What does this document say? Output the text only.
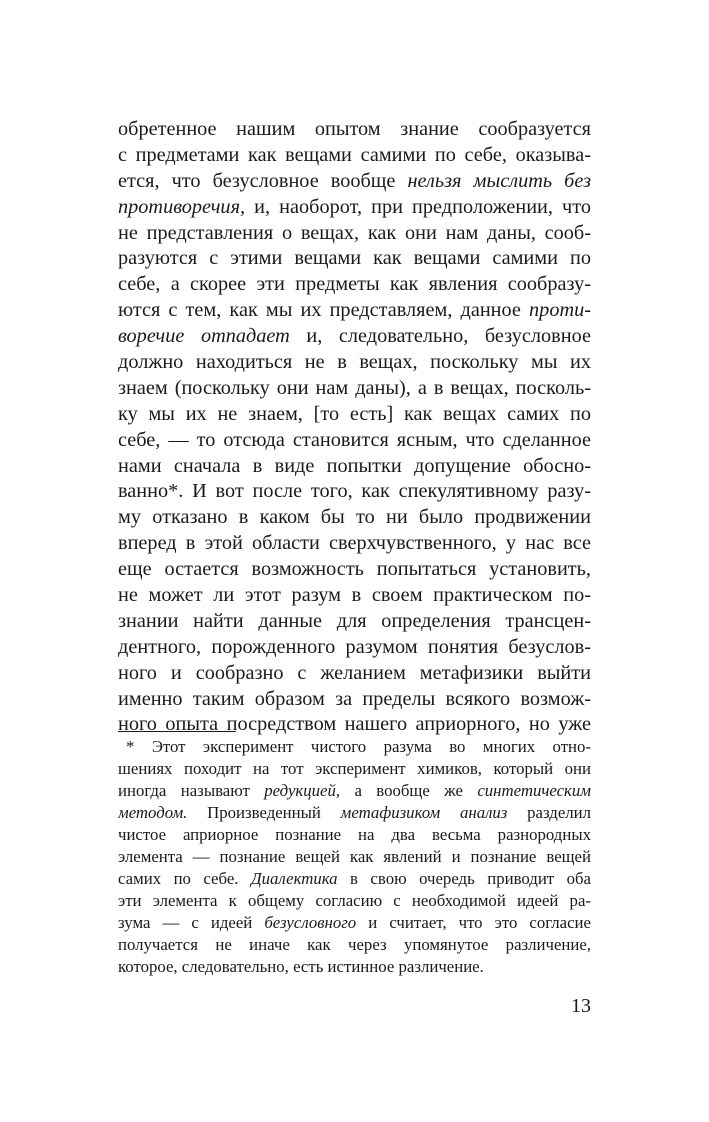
обретенное нашим опытом знание сообразуется
с предметами как вещами самими по себе, оказыва-
ется, что безусловное вообще нельзя мыслить без
противоречия, и, наоборот, при предположении, что
не представления о вещах, как они нам даны, сооб-
разуются с этими вещами как вещами самими по
себе, а скорее эти предметы как явления сообразу-
ются с тем, как мы их представляем, данное проти-
воречие отпадает и, следовательно, безусловное
должно находиться не в вещах, поскольку мы их
знаем (поскольку они нам даны), а в вещах, посколь-
ку мы их не знаем, [то есть] как вещах самих по
себе, — то отсюда становится ясным, что сделанное
нами сначала в виде попытки допущение обосно-
ванно*. И вот после того, как спекулятивному разу-
му отказано в каком бы то ни было продвижении
вперед в этой области сверхчувственного, у нас все
еще остается возможность попытаться установить,
не может ли этот разум в своем практическом по-
знании найти данные для определения трансцен-
дентного, порожденного разумом понятия безуслов-
ного и сообразно с желанием метафизики выйти
именно таким образом за пределы всякого возмож-
ного опыта посредством нашего априорного, но уже
* Этот эксперимент чистого разума во многих отно-
шениях походит на тот эксперимент химиков, который они
иногда называют редукцией, а вообще же синтетическим
методом. Произведенный метафизиком анализ разделил
чистое априорное познание на два весьма разнородных
элемента — познание вещей как явлений и познание вещей
самих по себе. Диалектика в свою очередь приводит оба
эти элемента к общему согласию с необходимой идеей ра-
зума — с идеей безусловного и считает, что это согласие
получается не иначе как через упомянутое различение,
которое, следовательно, есть истинное различение.
13
